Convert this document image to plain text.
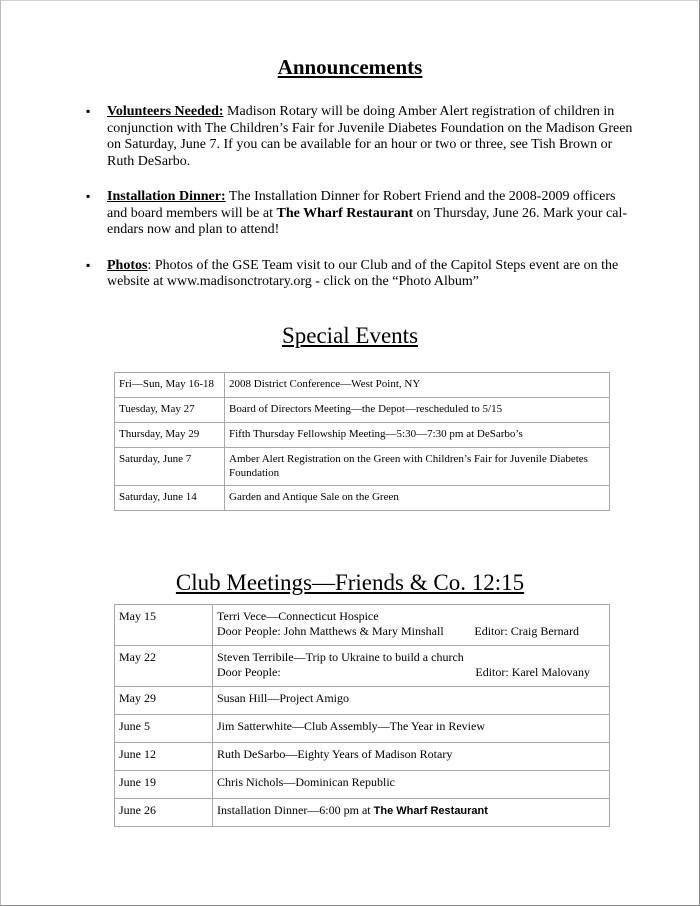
Announcements
▪ Volunteers Needed: Madison Rotary will be doing Amber Alert registration of children in conjunction with The Children’s Fair for Juvenile Diabetes Foundation on the Madison Green on Saturday, June 7. If you can be available for an hour or two or three, see Tish Brown or Ruth DeSarbo.
▪ Installation Dinner: The Installation Dinner for Robert Friend and the 2008-2009 officers and board members will be at The Wharf Restaurant on Thursday, June 26. Mark your cal-endars now and plan to attend!
▪ Photos: Photos of the GSE Team visit to our Club and of the Capitol Steps event are on the website at www.madisonctrotary.org - click on the “Photo Album”
Special Events
Fri—Sun, May 16-18	2008 District Conference—West Point, NY
Tuesday, May 27	Board of Directors Meeting—the Depot—rescheduled to 5/15
Thursday, May 29	Fifth Thursday Fellowship Meeting—5:30—7:30 pm at DeSarbo’s
Saturday, June 7	Amber Alert Registration on the Green with Children’s Fair for Juvenile Diabetes Foundation
Saturday, June 14	Garden and Antique Sale on the Green
Club Meetings—Friends & Co. 12:15
May 15	Terri Vece—Connecticut Hospice
Door People: John Matthews & Mary Minshall Editor: Craig Bernard

May 22	Steven Terribile—Trip to Ukraine to build a church
Door People: Editor: Karel Malovany

May 29	Susan Hill—Project Amigo
June 5	Jim Satterwhite—Club Assembly—The Year in Review
June 12	Ruth DeSarbo—Eighty Years of Madison Rotary
June 19	Chris Nichols—Dominican Republic
June 26	Installation Dinner—6:00 pm at The Wharf Restaurant
